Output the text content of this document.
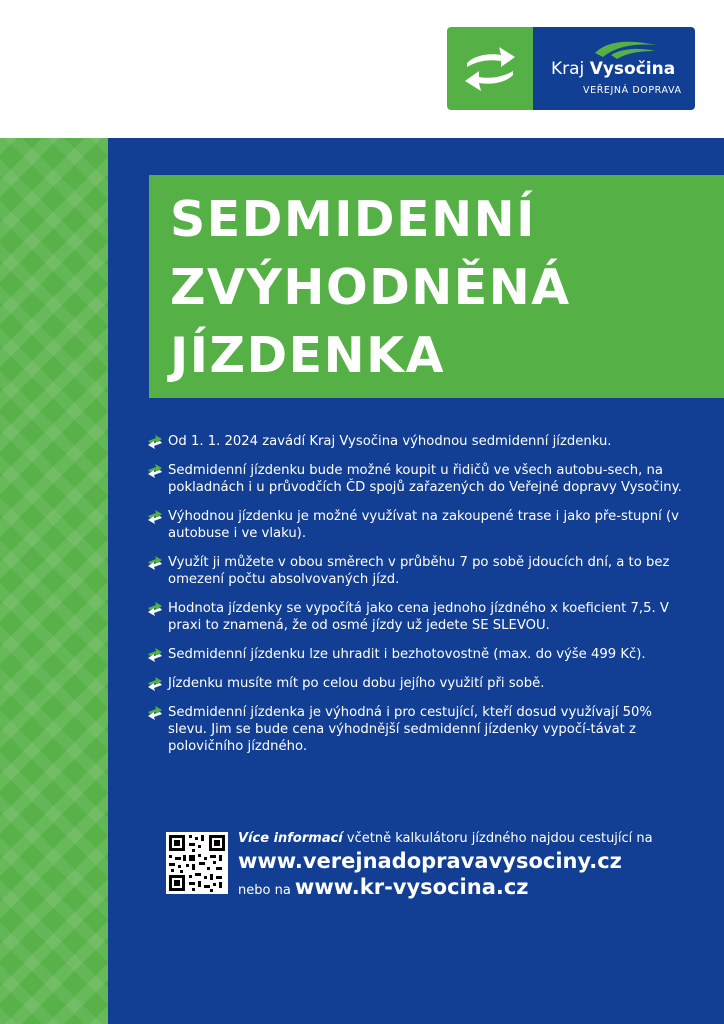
Kraj Vysočina
VEŘEJNÁ DOPRAVA
SEDMIDENNÍ
ZVÝHODNĚNÁ
JÍZDENKA
Od 1. 1. 2024 zavádí Kraj Vysočina výhodnou sedmidenní jízdenku.
Sedmidenní jízdenku bude možné koupit u řidičů ve všech autobu-sech, na pokladnách i u průvodčích ČD spojů zařazených do Veřejné dopravy Vysočiny.
Výhodnou jízdenku je možné využívat na zakoupené trase i jako pře-stupní (v autobuse i ve vlaku).
Využít ji můžete v obou směrech v průběhu 7 po sobě jdoucích dní, a to bez omezení počtu absolvovaných jízd.
Hodnota jízdenky se vypočítá jako cena jednoho jízdného x koeficient 7,5. V praxi to znamená, že od osmé jízdy už jedete SE SLEVOU.
Sedmidenní jízdenku lze uhradit i bezhotovostně (max. do výše 499 Kč).
Jízdenku musíte mít po celou dobu jejího využití při sobě.
Sedmidenní jízdenka je výhodná i pro cestující, kteří dosud využívají 50% slevu. Jim se bude cena výhodnější sedmidenní jízdenky vypočí-távat z polovičního jízdného.
Více informací včetně kalkulátoru jízdného najdou cestující na
www.verejnadopravavysociny.cz
nebo na www.kr-vysocina.cz
